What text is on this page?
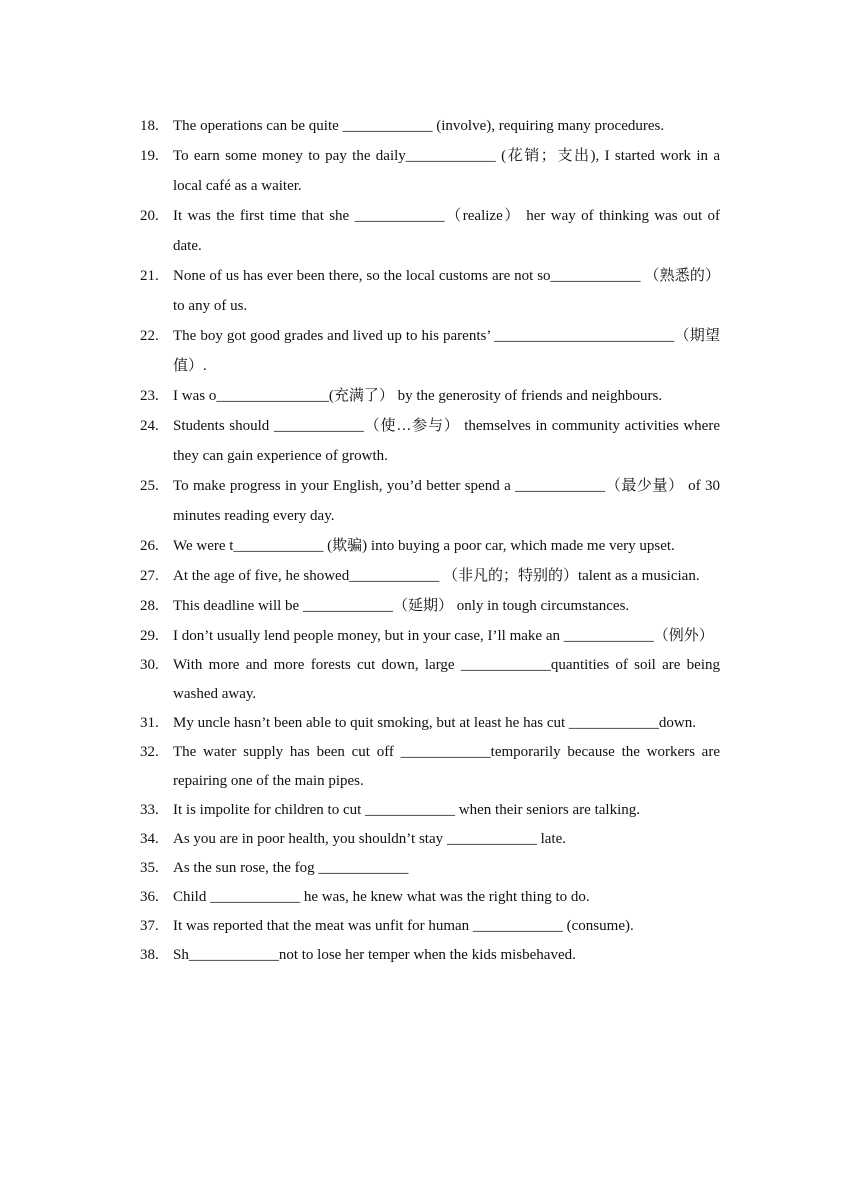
18. The operations can be quite ____________ (involve), requiring many procedures.
19. To earn some money to pay the daily____________ (花销；支出), I started work in a local café as a waiter.
20. It was the first time that she ____________（realize） her way of thinking was out of date.
21. None of us has ever been there, so the local customs are not so____________ （熟悉的）to any of us.
22. The boy got good grades and lived up to his parents’ ________________________（期望值）.
23. I was o_______________(充满了） by the generosity of friends and neighbours.
24. Students should ____________（使…参与） themselves in community activities where they can gain experience of growth.
25. To make progress in your English, you’d better spend a ____________（最少量） of 30 minutes reading every day.
26. We were t____________ (欺骗) into buying a poor car, which made me very upset.
27. At the age of five, he showed____________ （非凡的；特别的）talent as a musician.
28. This deadline will be ____________（延期） only in tough circumstances.
29. I don’t usually lend people money, but in your case, I’ll make an ____________（例外）
30. With more and more forests cut down, large ____________quantities of soil are being washed away.
31. My uncle hasn’t been able to quit smoking, but at least he has cut ____________down.
32. The water supply has been cut off ____________temporarily because the workers are repairing one of the main pipes.
33. It is impolite for children to cut ____________ when their seniors are talking.
34. As you are in poor health, you shouldn’t stay ____________ late.
35. As the sun rose, the fog ____________
36. Child ____________ he was, he knew what was the right thing to do.
37. It was reported that the meat was unfit for human ____________ (consume).
38. Sh____________not to lose her temper when the kids misbehaved.
